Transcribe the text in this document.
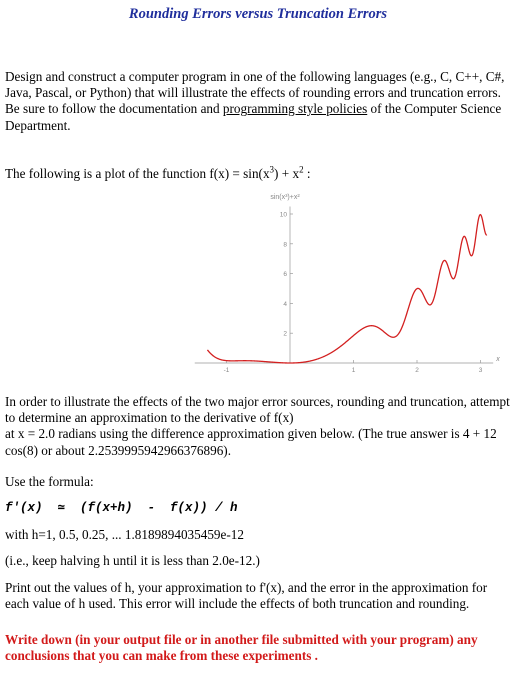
Rounding Errors versus Truncation Errors

Design and construct a computer program in one of the following languages (e.g., C, C++, C#, Java, Pascal, or Python) that will illustrate the effects of rounding errors and truncation errors.
Be sure to follow the documentation and programming style policies of the Computer Science Department.

The following is a plot of the function $f(x) = \sin(x^3) + x^2$ :

sin(x³)+x²
-1	1	2	3
2
4
6
8
10
x

In order to illustrate the effects of the two major error sources, rounding and truncation, attempt to determine an approximation to the derivative of f(x)
at x = 2.0 radians using the difference approximation given below. (The true answer is 4 + 12 cos(8) or about 2.2539995942966376896).

Use the formula:

f'(x)  ≃  (f(x+h)  -  f(x)) / h

with h=1, 0.5, 0.25, ... 1.8189894035459e-12

(i.e., keep halving h until it is less than 2.0e-12.)

Print out the values of h, your approximation to f'(x), and the error in the approximation for each value of h used. This error will include the effects of both truncation and rounding.

Write down (in your output file or in another file submitted with your program) any conclusions that you can make from these experiments .
